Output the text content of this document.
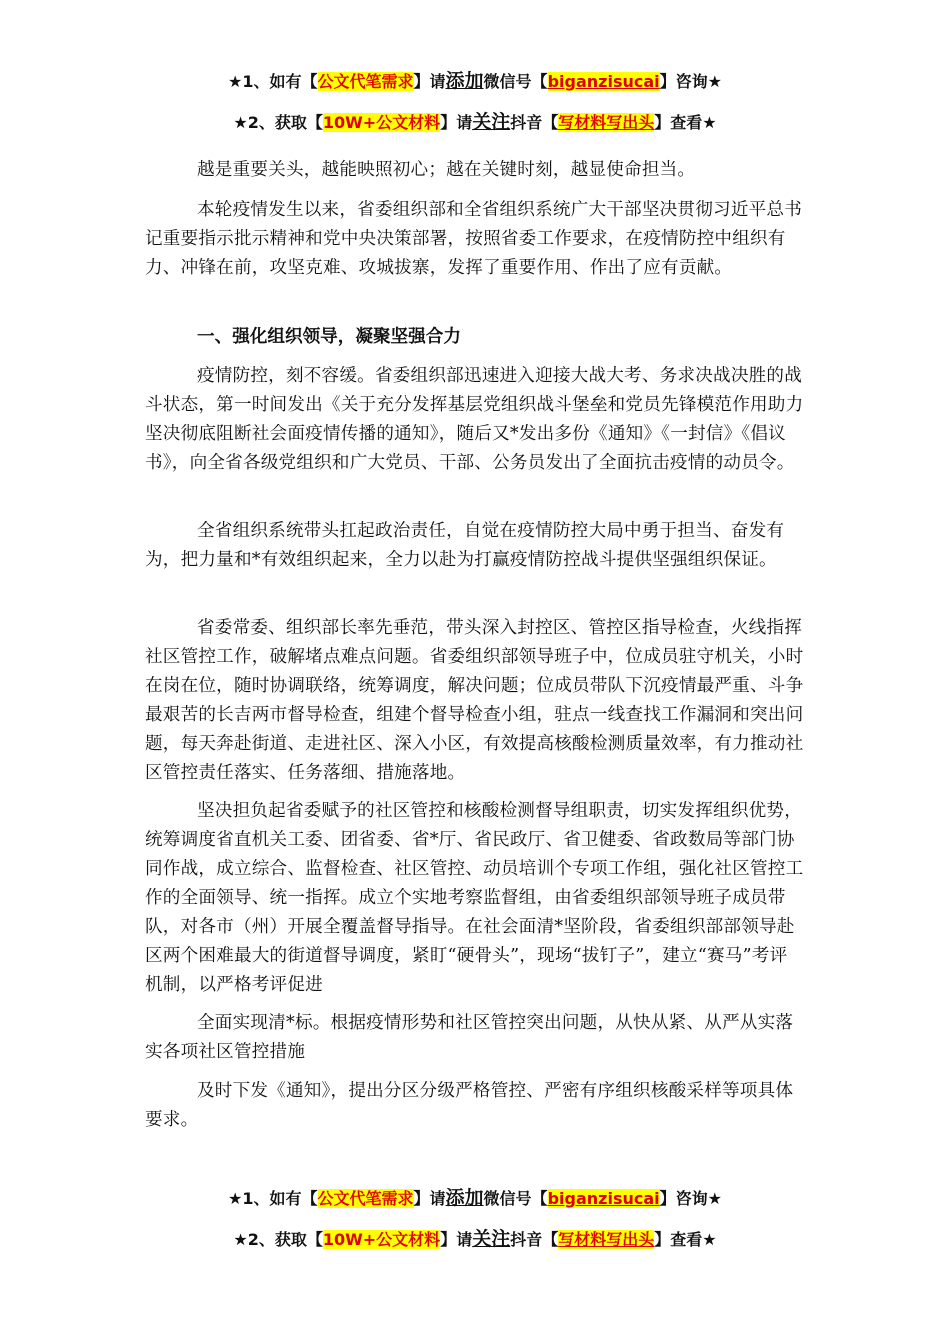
★1、如有【公文代笔需求】请添加微信号【biganzisucai】咨询★
★2、获取【10W+公文材料】请关注抖音【写材料写出头】查看★

越是重要关头，越能映照初心；越在关键时刻，越显使命担当。

本轮疫情发生以来，省委组织部和全省组织系统广大干部坚决贯彻习近平总书记重要指示批示精神和党中央决策部署，按照省委工作要求，在疫情防控中组织有力、冲锋在前，攻坚克难、攻城拔寨，发挥了重要作用、作出了应有贡献。

一、强化组织领导，凝聚坚强合力

疫情防控，刻不容缓。省委组织部迅速进入迎接大战大考、务求决战决胜的战斗状态，第一时间发出《关于充分发挥基层党组织战斗堡垒和党员先锋模范作用助力坚决彻底阻断社会面疫情传播的通知》，随后又*发出多份《通知》《一封信》《倡议书》，向全省各级党组织和广大党员、干部、公务员发出了全面抗击疫情的动员令。

全省组织系统带头扛起政治责任，自觉在疫情防控大局中勇于担当、奋发有为，把力量和*有效组织起来，全力以赴为打赢疫情防控战斗提供坚强组织保证。

省委常委、组织部长率先垂范，带头深入封控区、管控区指导检查，火线指挥社区管控工作，破解堵点难点问题。省委组织部领导班子中，位成员驻守机关，小时在岗在位，随时协调联络，统筹调度，解决问题；位成员带队下沉疫情最严重、斗争最艰苦的长吉两市督导检查，组建个督导检查小组，驻点一线查找工作漏洞和突出问题，每天奔赴街道、走进社区、深入小区，有效提高核酸检测质量效率，有力推动社区管控责任落实、任务落细、措施落地。

坚决担负起省委赋予的社区管控和核酸检测督导组职责，切实发挥组织优势，统筹调度省直机关工委、团省委、省*厅、省民政厅、省卫健委、省政数局等部门协同作战，成立综合、监督检查、社区管控、动员培训个专项工作组，强化社区管控工作的全面领导、统一指挥。成立个实地考察监督组，由省委组织部领导班子成员带队，对各市（州）开展全覆盖督导指导。在社会面清*坚阶段，省委组织部部领导赴区两个困难最大的街道督导调度，紧盯“硬骨头”，现场“拔钉子”，建立“赛马”考评机制，以严格考评促进

全面实现清*标。根据疫情形势和社区管控突出问题，从快从紧、从严从实落实各项社区管控措施

及时下发《通知》，提出分区分级严格管控、严密有序组织核酸采样等项具体要求。

★1、如有【公文代笔需求】请添加微信号【biganzisucai】咨询★
★2、获取【10W+公文材料】请关注抖音【写材料写出头】查看★
